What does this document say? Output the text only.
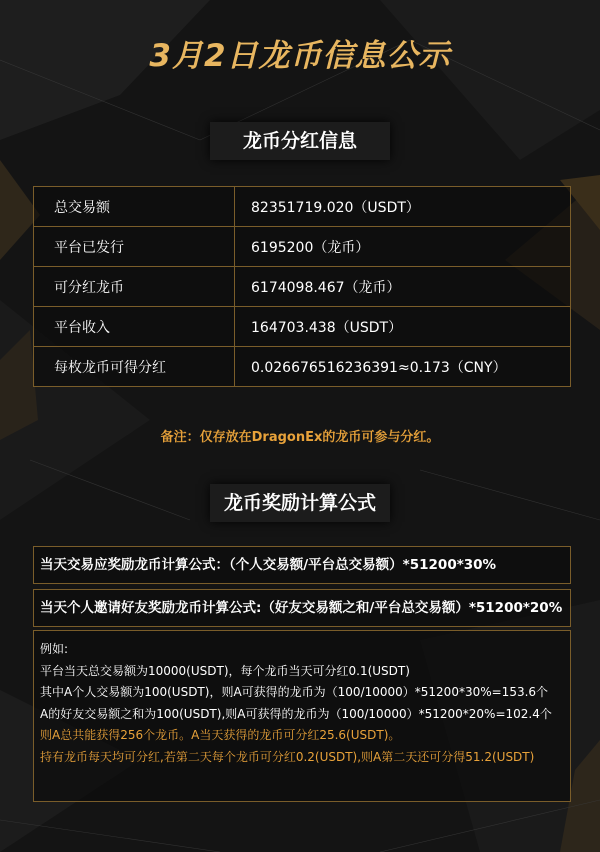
3月2日龙币信息公示
龙币分红信息
总交易额	82351719.020（USDT）
平台已发行	6195200（龙币）
可分红龙币	6174098.467（龙币）
平台收入	164703.438（USDT）
每枚龙币可得分红	0.026676516236391≈0.173（CNY）
备注：仅存放在DragonEx的龙币可参与分红。
龙币奖励计算公式
当天交易应奖励龙币计算公式：（个人交易额/平台总交易额）*51200*30%
当天个人邀请好友奖励龙币计算公式:（好友交易额之和/平台总交易额）*51200*20%
例如:
平台当天总交易额为10000(USDT)，每个龙币当天可分红0.1(USDT)
其中A个人交易额为100(USDT)，则A可获得的龙币为（100/10000）*51200*30%=153.6个
A的好友交易额之和为100(USDT),则A可获得的龙币为（100/10000）*51200*20%=102.4个
则A总共能获得256个龙币。A当天获得的龙币可分红25.6(USDT)。
持有龙币每天均可分红,若第二天每个龙币可分红0.2(USDT),则A第二天还可分得51.2(USDT)
